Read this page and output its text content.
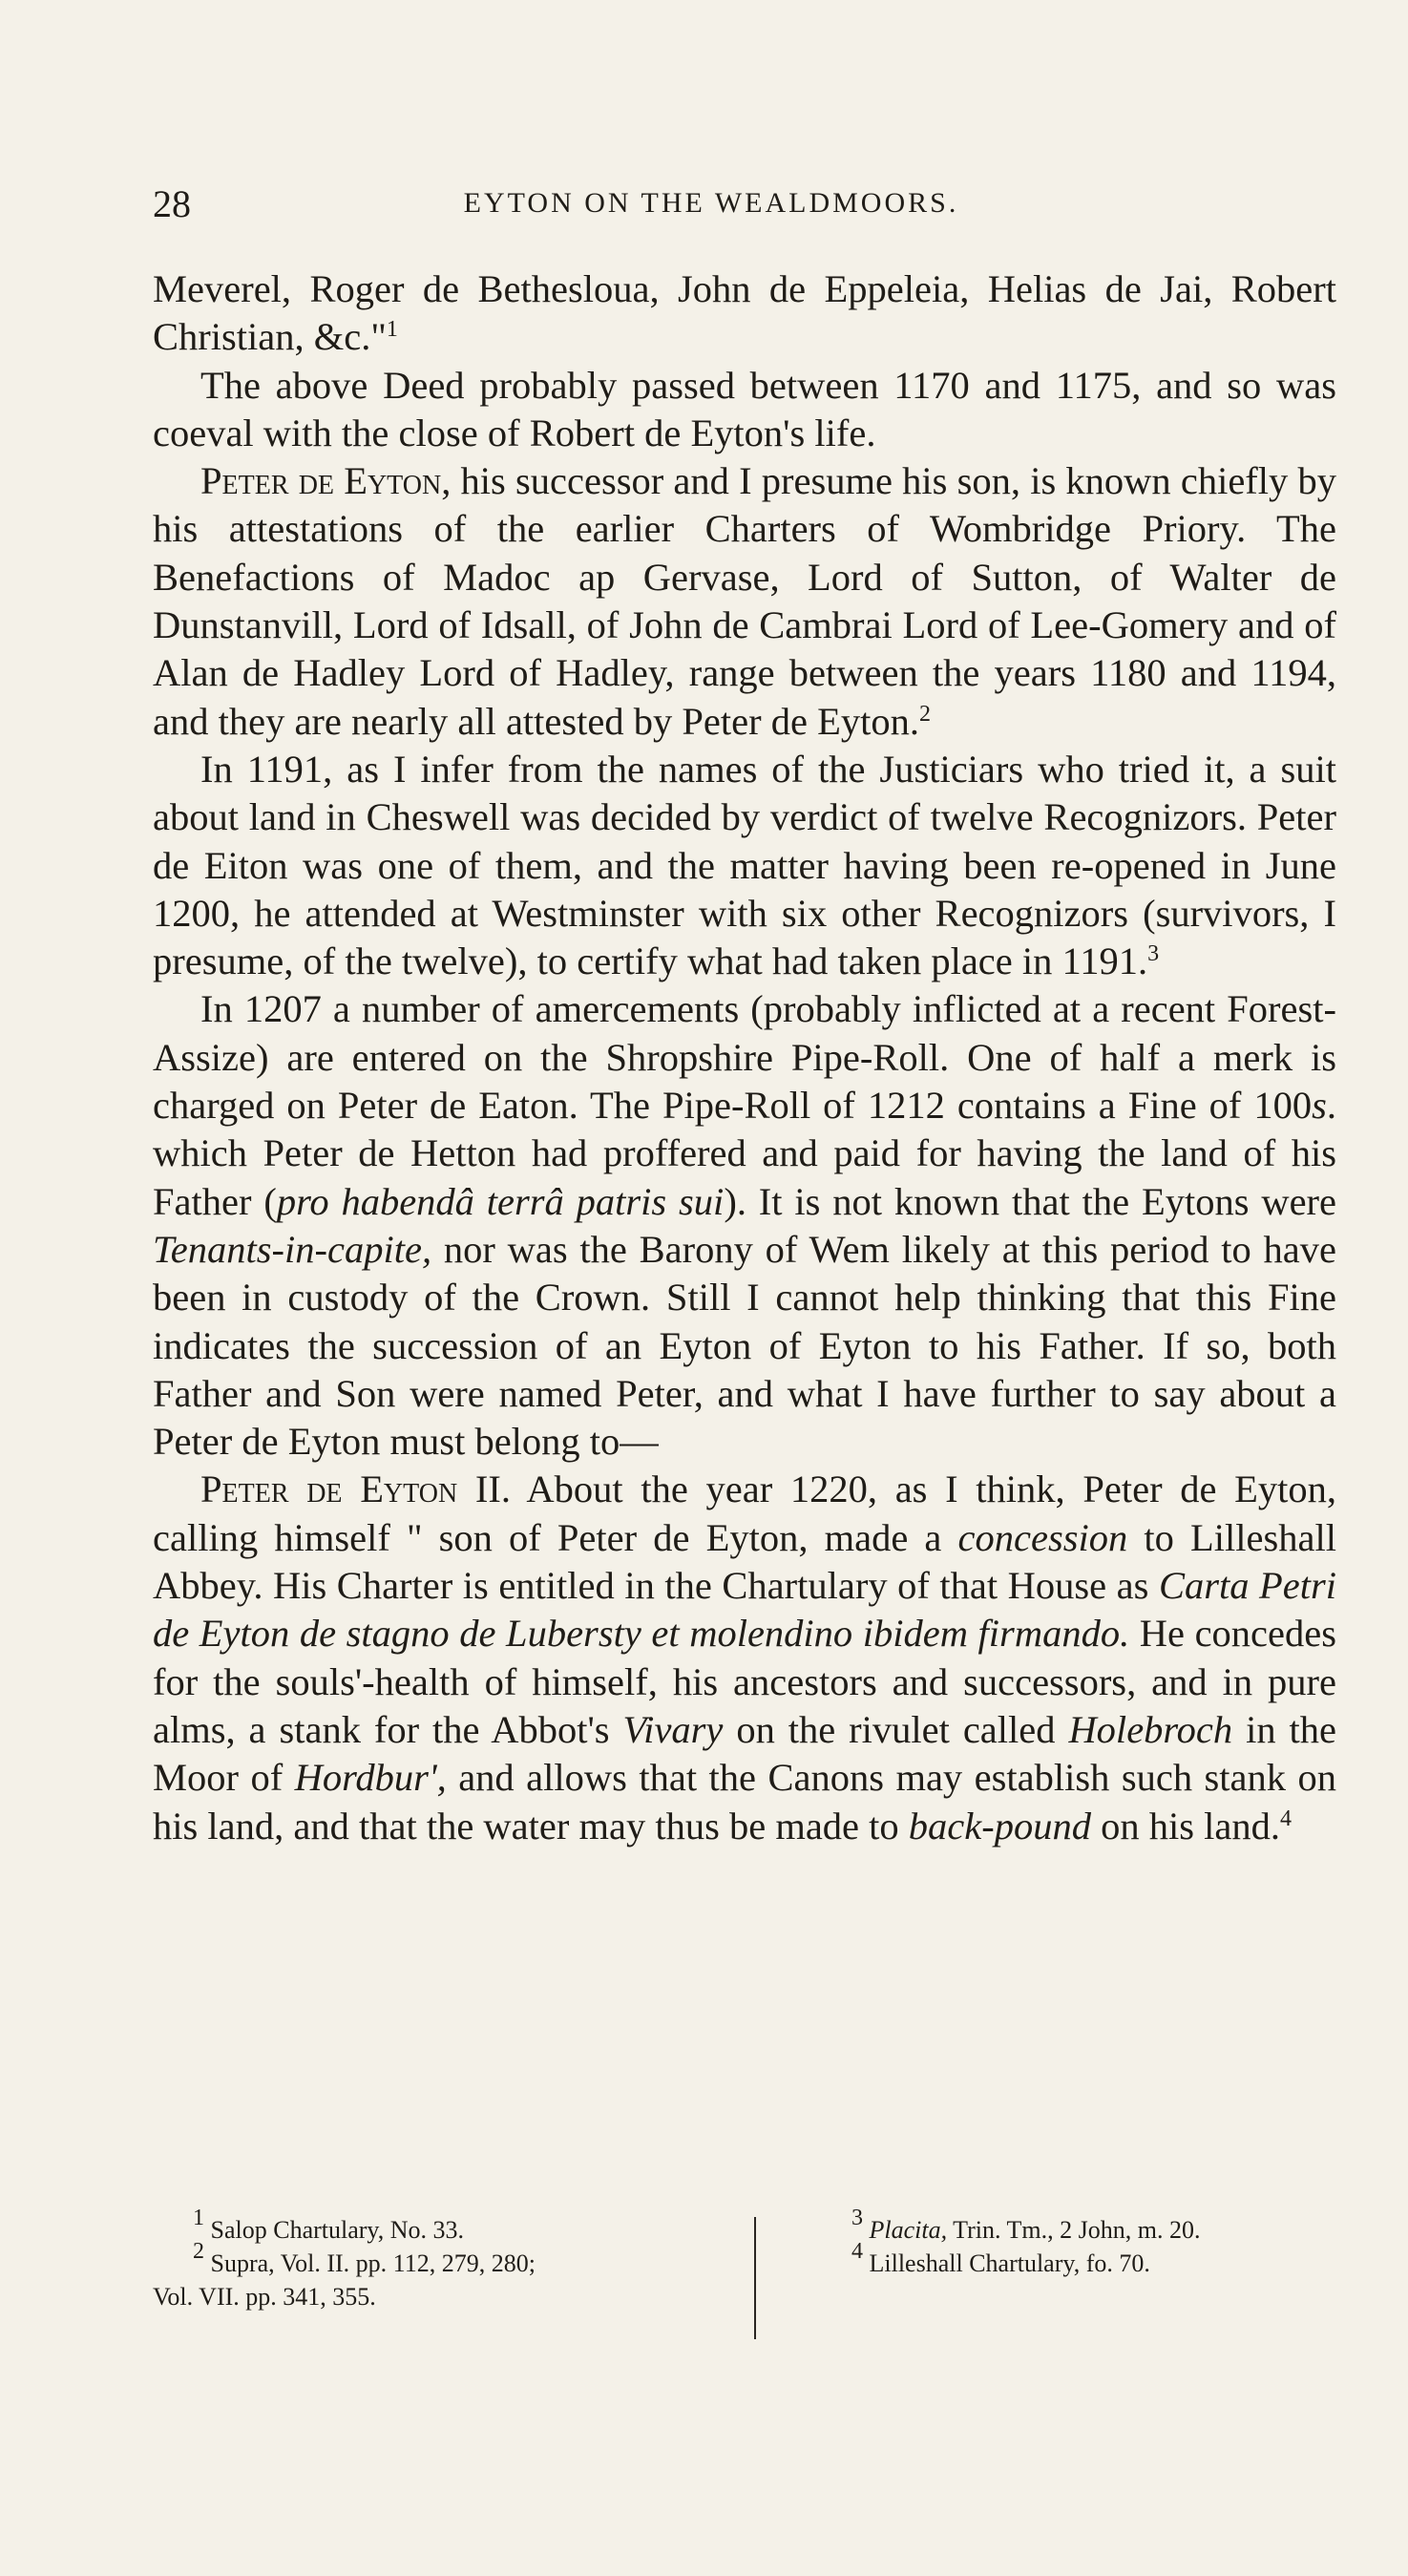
28	EYTON ON THE WEALDMOORS.

Meverel, Roger de Bethesloua, John de Eppeleia, Helias de Jai, Robert Christian, &c."$^1$

The above Deed probably passed between 1170 and 1175, and so was coeval with the close of Robert de Eyton's life.

Peter de Eyton, his successor and I presume his son, is known chiefly by his attestations of the earlier Charters of Wombridge Priory. The Benefactions of Madoc ap Gervase, Lord of Sutton, of Walter de Dunstanvill, Lord of Idsall, of John de Cambrai Lord of Lee-Gomery and of Alan de Hadley Lord of Hadley, range between the years 1180 and 1194, and they are nearly all attested by Peter de Eyton.$^2$

In 1191, as I infer from the names of the Justiciars who tried it, a suit about land in Cheswell was decided by verdict of twelve Recognizors. Peter de Eiton was one of them, and the matter having been re-opened in June 1200, he attended at Westminster with six other Recognizors (survivors, I presume, of the twelve), to certify what had taken place in 1191.$^3$

In 1207 a number of amercements (probably inflicted at a recent Forest-Assize) are entered on the Shropshire Pipe-Roll. One of half a merk is charged on Peter de Eaton. The Pipe-Roll of 1212 contains a Fine of 100s. which Peter de Hetton had proffered and paid for having the land of his Father (pro habendâ terrâ patris sui). It is not known that the Eytons were Tenants-in-capite, nor was the Barony of Wem likely at this period to have been in custody of the Crown. Still I cannot help thinking that this Fine indicates the succession of an Eyton of Eyton to his Father. If so, both Father and Son were named Peter, and what I have further to say about a Peter de Eyton must belong to—

Peter de Eyton II. About the year 1220, as I think, Peter de Eyton, calling himself " son of Peter de Eyton, made a concession to Lilleshall Abbey. His Charter is entitled in the Chartulary of that House as Carta Petri de Eyton de stagno de Lubersty et molendino ibidem firmando. He concedes for the souls'-health of himself, his ancestors and successors, and in pure alms, a stank for the Abbot's Vivary on the rivulet called Holebroch in the Moor of Hordbur', and allows that the Canons may establish such stank on his land, and that the water may thus be made to back-pound on his land.$^4$

$^1$ Salop Chartulary, No. 33.

$^2$ Supra, Vol. II. pp. 112, 279, 280;

Vol. VII. pp. 341, 355.

$^3$ Placita, Trin. Tm., 2 John, m. 20.

$^4$ Lilleshall Chartulary, fo. 70.
